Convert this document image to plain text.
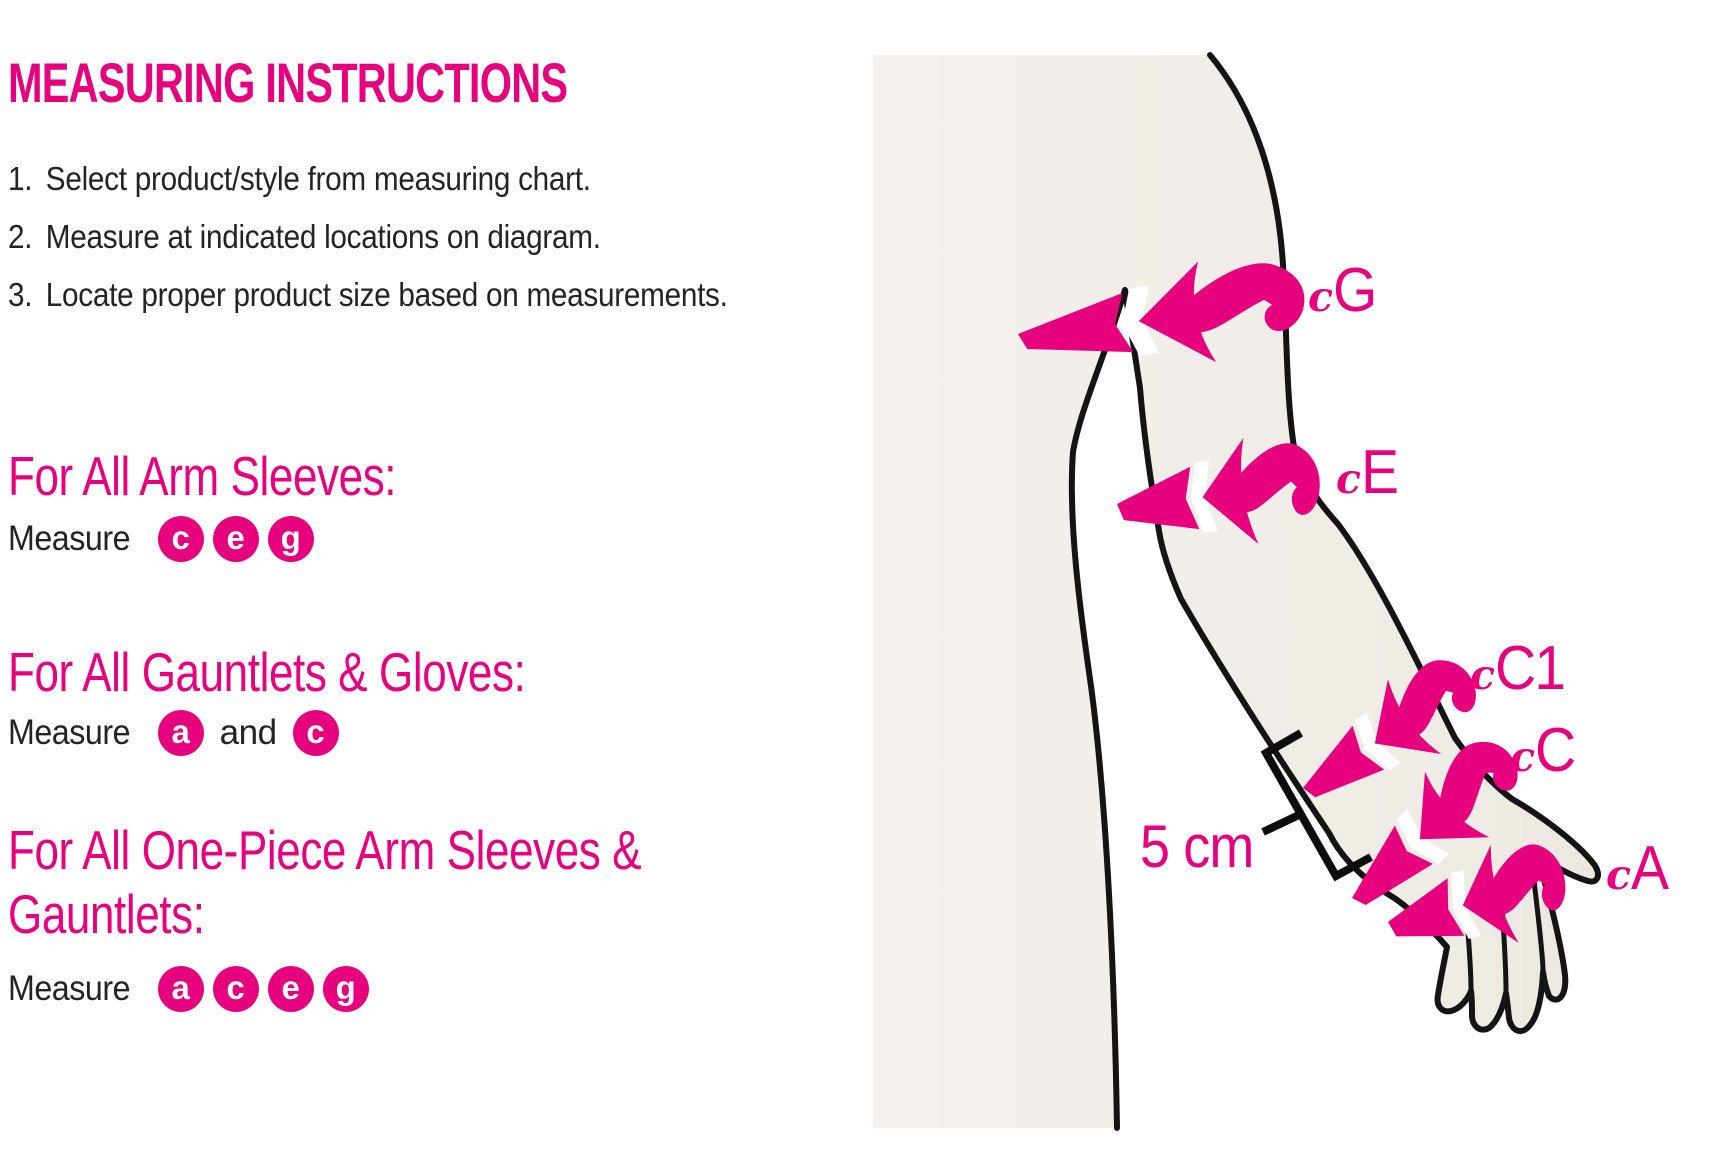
c G
c E
c C1
c C
c A
5 cm
MEASURING INSTRUCTIONS
1. Select product/style from measuring chart.
2. Measure at indicated locations on diagram.
3. Locate proper product size based on measurements.
For All Arm Sleeves:
Measure	c	e	g
For All Gauntlets & Gloves:
Measure	a and c
For All One-Piece Arm Sleeves &
Gauntlets:
Measure	a	c	e	g
